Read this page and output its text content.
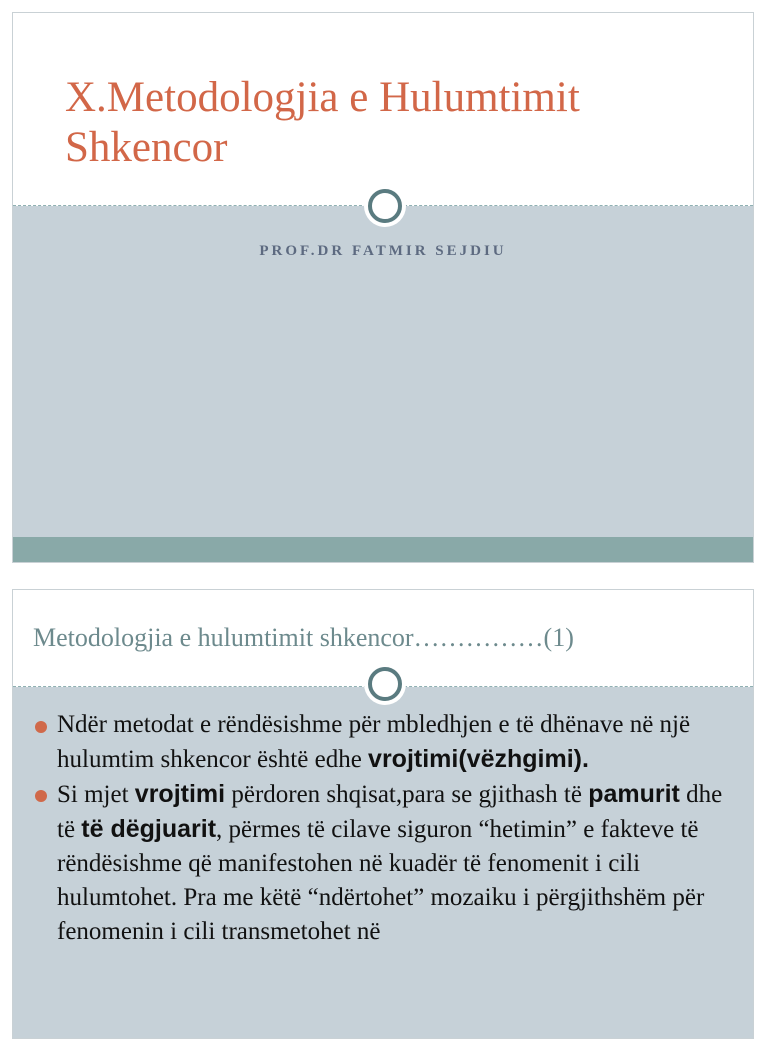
X.Metodologjia e Hulumtimit
Shkencor

PROF.DR FATMIR SEJDIU

Metodologjia e hulumtimit shkencor……………(1)
Ndër metodat e rëndësishme për mbledhjen e të dhënave në një hulumtim shkencor është edhe vrojtimi(vëzhgimi).
Si mjet vrojtimi përdoren shqisat,para se gjithash të pamurit dhe të të dëgjuarit, përmes të cilave siguron “hetimin” e fakteve të rëndësishme që manifestohen në kuadër të fenomenit i cili hulumtohet. Pra me këtë “ndërtohet” mozaiku i përgjithshëm për fenomenin i cili transmetohet në
